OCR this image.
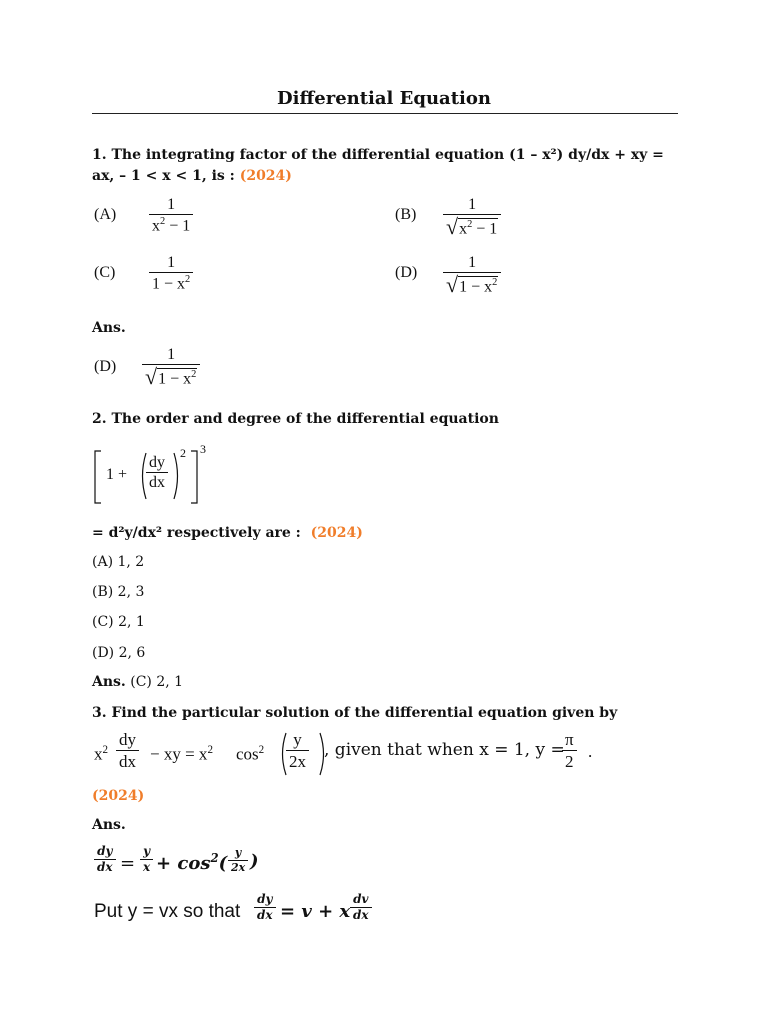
Differential Equation
1. The integrating factor of the differential equation (1 – x²) dy/dx + xy = ax, – 1 < x < 1, is : (2024)
$(A) \frac{1}{x^2 - 1}$	$(B) \frac{1}{√ x^2 - 1}$
$(C) \frac{1}{1 - x^2}$	$(D) \frac{1}{√ 1 - x^2}$
Ans.
$(D) \frac{1}{√ 1 - x^2}$
2. The order and degree of the differential equation
$1 + \frac{dy}{dx}$
2 3
= d²y/dx² respectively are : (2024)
(A) 1, 2
(B) 2, 3
(C) 2, 1
(D) 2, 6
Ans. (C) 2, 1
3. Find the particular solution of the differential equation given by
$x^2 \frac{dy}{dx}$ − xy = $x^2$ $\cos^2 \frac{y}{2x}$ , given that when x = 1, y =
$\frac{\pi}{2}$ .
(2024)
Ans.
$\frac{dy}{dx} = \frac{y}{x} + \cos^2( \frac{y}{2x}$ )
Put y = vx so that $\frac{dy}{dx} = v + x \frac{dv}{dx}$
